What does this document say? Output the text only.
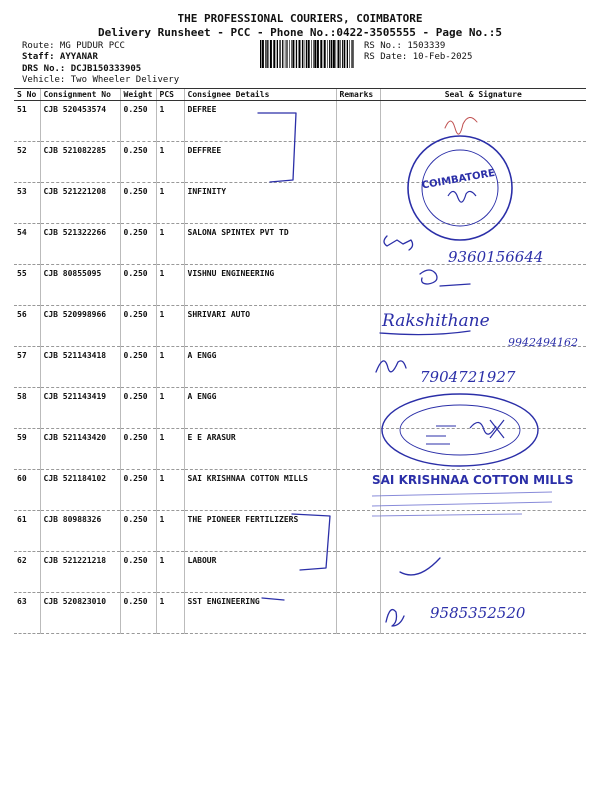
THE PROFESSIONAL COURIERS, COIMBATORE
Delivery Runsheet - PCC - Phone No.:0422-3505555 - Page No.:5
Route: MG PUDUR PCC
Staff: AYYANAR
DRS No.: DCJB150333905
Vehicle: Two Wheeler Delivery
RS No.: 1503339
RS Date: 10-Feb-2025
S No	Consignment No	Weight	PCS	Consignee Details	Remarks	Seal & Signature
51	CJB 520453574	0.250	1	DEFREE		
52	CJB 521082285	0.250	1	DEFFREE		
53	CJB 521221208	0.250	1	INFINITY		
54	CJB 521322266	0.250	1	SALONA SPINTEX PVT TD		
55	CJB 80855095	0.250	1	VISHNU ENGINEERING		
56	CJB 520998966	0.250	1	SHRIVARI AUTO		
57	CJB 521143418	0.250	1	A ENGG		
58	CJB 521143419	0.250	1	A ENGG		
59	CJB 521143420	0.250	1	E E ARASUR		
60	CJB 521184102	0.250	1	SAI KRISHNAA COTTON MILLS		
61	CJB 80988326	0.250	1	THE PIONEER FERTILIZERS		
62	CJB 521221218	0.250	1	LABOUR		
63	CJB 520823010	0.250	1	SST ENGINEERING		
COIMBATORE
9360156644
Rakshithane
9942494162
7904721927
9585352520
SAI KRISHNAA COTTON MILLS
